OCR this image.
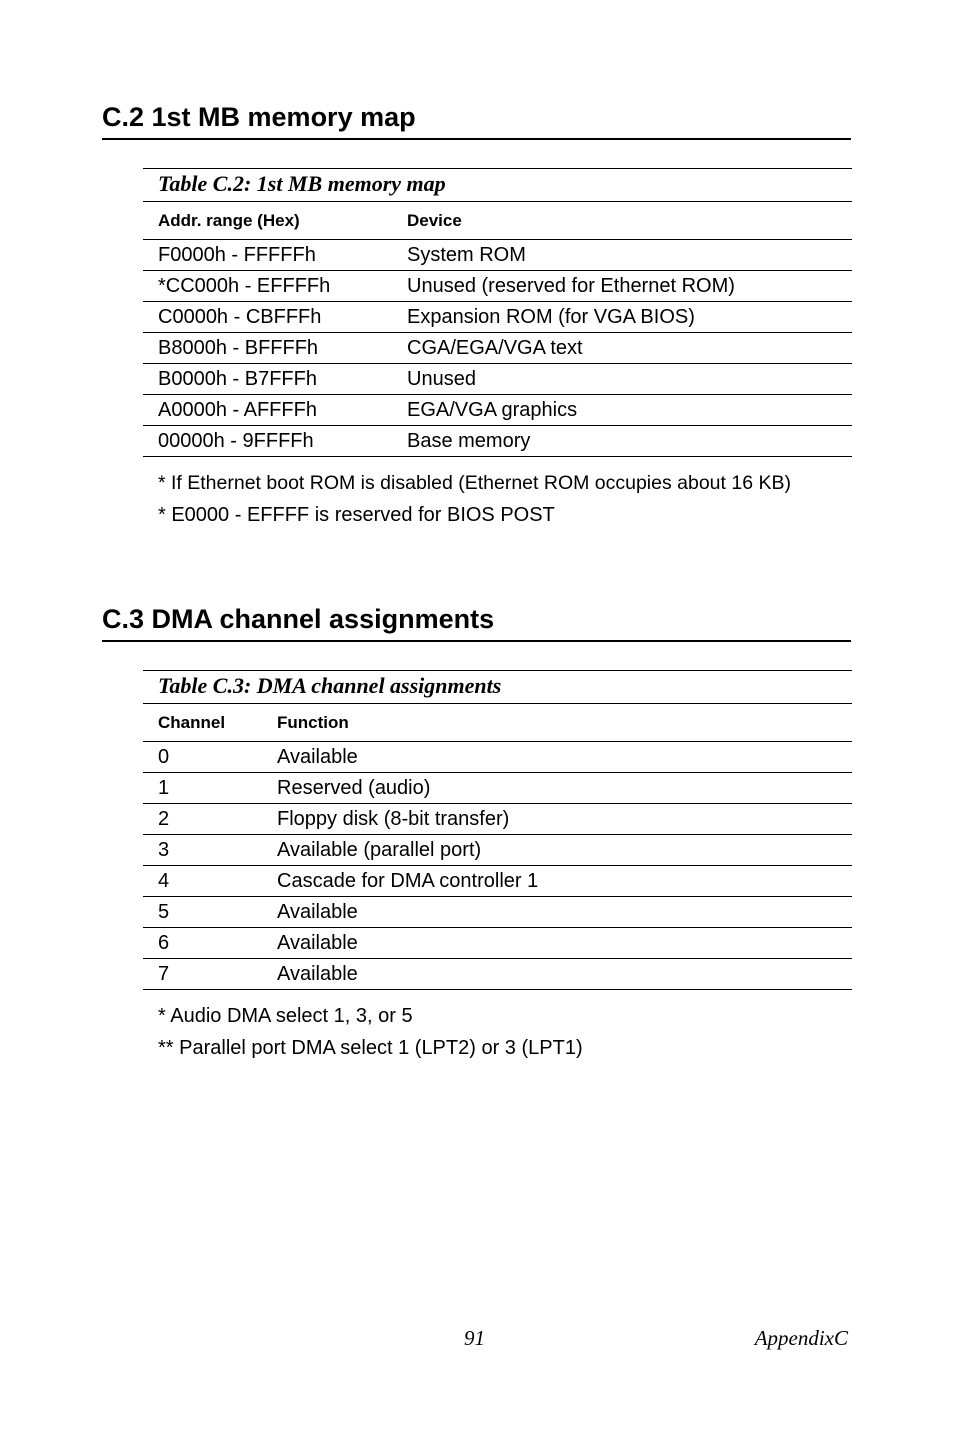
C.2 1st MB memory map
Table C.2: 1st MB memory map
Addr. range (Hex)	Device
F0000h - FFFFFh	System ROM
*CC000h - EFFFFh	Unused (reserved for Ethernet ROM)
C0000h - CBFFFh	Expansion ROM (for VGA BIOS)
B8000h - BFFFFh	CGA/EGA/VGA text
B0000h - B7FFFh	Unused
A0000h - AFFFFh	EGA/VGA graphics
00000h - 9FFFFh	Base memory
* If Ethernet boot ROM is disabled (Ethernet ROM occupies about 16 KB)
* E0000 - EFFFF is reserved for BIOS POST
C.3 DMA channel assignments
Table C.3: DMA channel assignments
Channel	Function
0	Available
1	Reserved (audio)
2	Floppy disk (8-bit transfer)
3	Available (parallel port)
4	Cascade for DMA controller 1
5	Available
6	Available
7	Available
* Audio DMA select 1, 3, or 5
** Parallel port DMA select 1 (LPT2) or 3 (LPT1)
91	AppendixC
